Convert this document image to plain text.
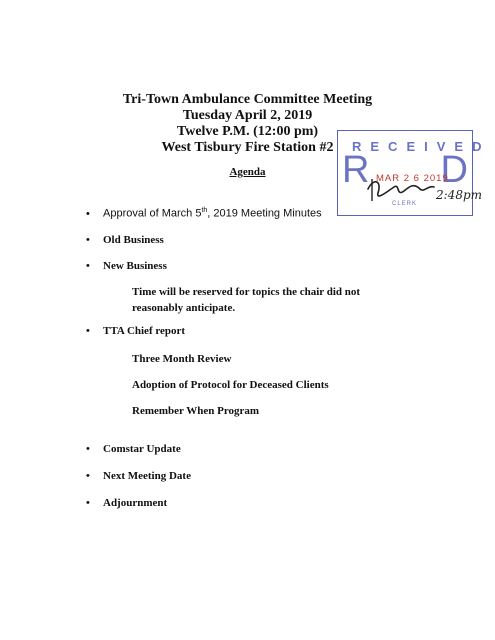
Tri-Town Ambulance Committee Meeting
Tuesday April 2, 2019
Twelve P.M. (12:00 pm)
West Tisbury Fire Station #2
Agenda
•	Approval of March 5th, 2019 Meeting Minutes
•	Old Business
•	New Business
Time will be reserved for topics the chair did not
reasonably anticipate.
•	TTA Chief report
Three Month Review
Adoption of Protocol for Deceased Clients
Remember When Program
•	Comstar Update
•	Next Meeting Date
•	Adjournment
RECEIVED
R D
MAR 2 6 2019
CLERK
2:48pm
